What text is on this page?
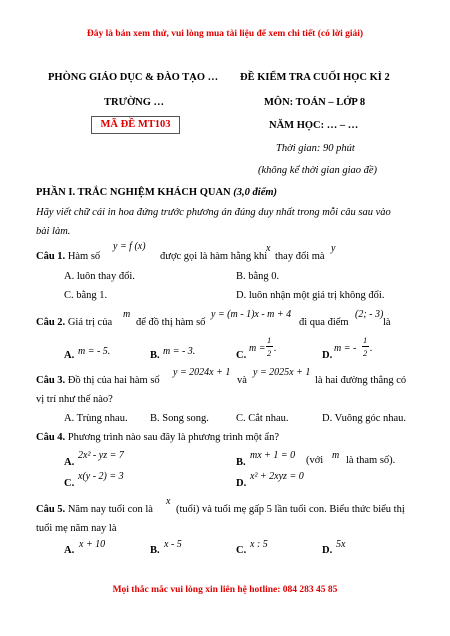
Đây là bản xem thử, vui lòng mua tài liệu để xem chi tiết (có lời giải)
PHÒNG GIÁO DỤC & ĐÀO TẠO …
TRƯỜNG …
MÃ ĐỀ MT103
ĐỀ KIỂM TRA CUỐI HỌC KÌ 2
MÔN: TOÁN – LỚP 8
NĂM HỌC: … – …
Thời gian: 90 phút
(không kể thời gian giao đề)
PHẦN I. TRẮC NGHIỆM KHÁCH QUAN (3,0 điểm)
Hãy viết chữ cái in hoa đứng trước phương án đúng duy nhất trong mỗi câu sau vào
bài làm.
Câu 1. Hàm số
y = f (x)
được gọi là hàm hằng khi
x
thay đổi mà
y
A. luôn thay đổi.	B. bằng 0.
C. bằng 1.	D. luôn nhận một giá trị không đổi.
Câu 2. Giá trị của
m
để đồ thị hàm số
y = (m - 1)x - m + 4
đi qua điểm
(2; - 3)
là
A. m = - 5.	B. m = - 3.	C.
m =
1
2 .
D.
m = -
1
2 .
Câu 3. Đồ thị của hai hàm số
y = 2024x + 1
và
y = 2025x + 1
là hai đường thẳng có
vị trí như thế nào?
A. Trùng nhau. B. Song song.	C. Cắt nhau.	D. Vuông góc nhau.
Câu 4. Phương trình nào sau đây là phương trình một ẩn?
A.
2x² - yz = 7
B.
mx + 1 = 0 (với m là tham số).
C.
x(y - 2) = 3
D.
x² + 2xyz = 0
Câu 5. Năm nay tuổi con là
x
(tuổi) và tuổi mẹ gấp 5 lần tuổi con. Biểu thức biểu thị
tuổi mẹ năm nay là
A.
x + 10
B.
x - 5
C.
x : 5
D.
5x
Mọi thắc mắc vui lòng xin liên hệ hotline: 084 283 45 85
